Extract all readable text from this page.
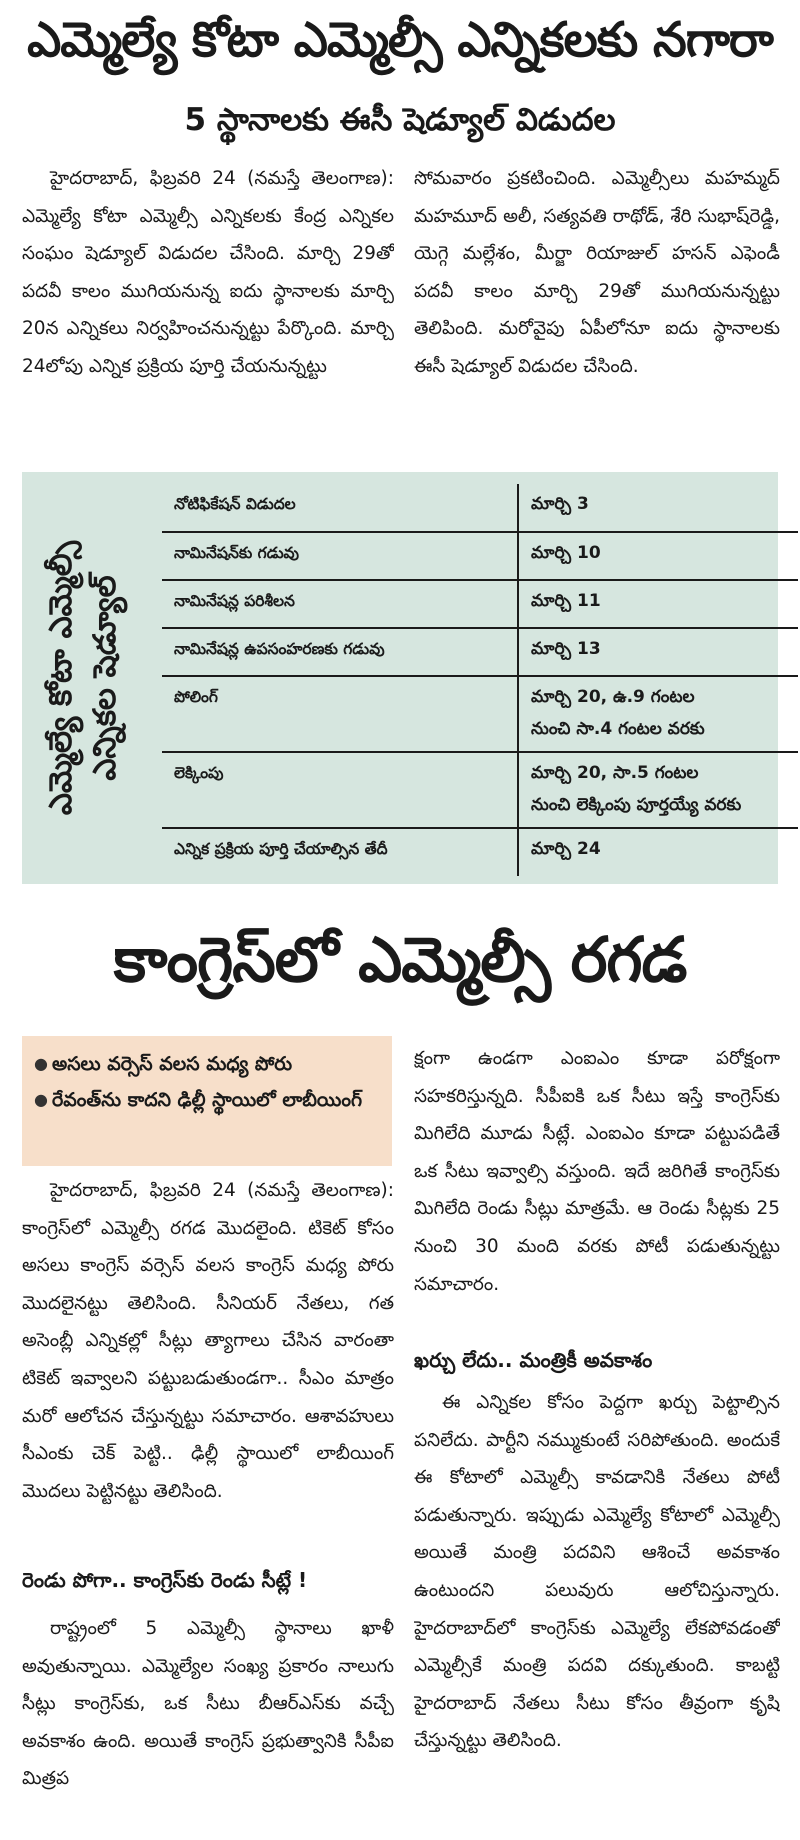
ఎమ్మెల్యే కోటా ఎమ్మెల్సీ ఎన్నికలకు నగారా
5 స్థానాలకు ఈసీ షెడ్యూల్ విడుదల

హైదరాబాద్, ఫిబ్రవరి 24 (నమస్తే తెలంగాణ): ఎమ్మెల్యే కోటా ఎమ్మెల్సీ ఎన్నికలకు కేంద్ర ఎన్నికల సంఘం షెడ్యూల్ విడుదల చేసింది. మార్చి 29తో పదవీ కాలం ముగియనున్న ఐదు స్థానాలకు మార్చి 20న ఎన్నికలు నిర్వహించనున్నట్టు పేర్కొంది. మార్చి 24లోపు ఎన్నిక ప్రక్రియ పూర్తి చేయనున్నట్టు

సోమవారం ప్రకటించింది. ఎమ్మెల్సీలు మహమ్మద్ మహమూద్ అలీ, సత్యవతి రాథోడ్, శేరి సుభాష్‌రెడ్డి, యెగ్గె మల్లేశం, మీర్జా రియాజుల్ హసన్ ఎఫెండీ పదవీ కాలం మార్చి 29తో ముగియనున్నట్టు తెలిపింది. మరోవైపు ఏపీలోనూ ఐదు స్థానాలకు ఈసీ షెడ్యూల్ విడుదల చేసింది.

ఎమ్మెల్యే కోటా ఎమ్మెల్సీ ఎన్నికల షెడ్యూల్
నోటిఫికేషన్ విడుదల	మార్చి 3
నామినేషన్‌కు గడువు	మార్చి 10
నామినేషన్ల పరిశీలన	మార్చి 11
నామినేషన్ల ఉపసంహరణకు గడువు	మార్చి 13
పోలింగ్	మార్చి 20, ఉ.9 గంటల
నుంచి సా.4 గంటల వరకు
లెక్కింపు	మార్చి 20, సా.5 గంటల
నుంచి లెక్కింపు పూర్తయ్యే వరకు
ఎన్నిక ప్రక్రియ పూర్తి చేయాల్సిన తేదీ	మార్చి 24
కాంగ్రెస్‌లో ఎమ్మెల్సీ రగడ
● అసలు వర్సెస్ వలస మధ్య పోరు
● రేవంత్‌ను కాదని ఢిల్లీ స్థాయిలో లాబీయింగ్

హైదరాబాద్, ఫిబ్రవరి 24 (నమస్తే తెలంగాణ): కాంగ్రెస్‌లో ఎమ్మెల్సీ రగడ మొదలైంది. టికెట్ కోసం అసలు కాంగ్రెస్ వర్సెస్ వలస కాంగ్రెస్ మధ్య పోరు మొదలైనట్టు తెలిసింది. సీనియర్ నేతలు, గత అసెంబ్లీ ఎన్నికల్లో సీట్లు త్యాగాలు చేసిన వారంతా టికెట్ ఇవ్వాలని పట్టుబడుతుండగా.. సీఎం మాత్రం మరో ఆలోచన చేస్తున్నట్టు సమాచారం. ఆశావహులు సీఎంకు చెక్ పెట్టి.. ఢిల్లీ స్థాయిలో లాబీయింగ్ మొదలు పెట్టినట్టు తెలిసింది.

రెండు పోగా.. కాంగ్రెస్‌కు రెండు సీట్లే !

రాష్ట్రంలో 5 ఎమ్మెల్సీ స్థానాలు ఖాళీ అవుతున్నాయి. ఎమ్మెల్యేల సంఖ్య ప్రకారం నాలుగు సీట్లు కాంగ్రెస్‌కు, ఒక సీటు బీఆర్ఎస్‌కు వచ్చే అవకాశం ఉంది. అయితే కాంగ్రెస్ ప్రభుత్వానికి సీపీఐ మిత్రప

క్షంగా ఉండగా ఎంఐఎం కూడా పరోక్షంగా సహకరిస్తున్నది. సీపీఐకి ఒక సీటు ఇస్తే కాంగ్రెస్‌కు మిగిలేది మూడు సీట్లే. ఎంఐఎం కూడా పట్టుపడితే ఒక సీటు ఇవ్వాల్సి వస్తుంది. ఇదే జరిగితే కాంగ్రెస్‌కు మిగిలేది రెండు సీట్లు మాత్రమే. ఆ రెండు సీట్లకు 25 నుంచి 30 మంది వరకు పోటీ పడుతున్నట్టు సమాచారం.

ఖర్చు లేదు.. మంత్రికీ అవకాశం

ఈ ఎన్నికల కోసం పెద్దగా ఖర్చు పెట్టాల్సిన పనిలేదు. పార్టీని నమ్ముకుంటే సరిపోతుంది. అందుకే ఈ కోటాలో ఎమ్మెల్సీ కావడానికి నేతలు పోటీ పడుతున్నారు. ఇప్పుడు ఎమ్మెల్యే కోటాలో ఎమ్మెల్సీ అయితే మంత్రి పదవిని ఆశించే అవకాశం ఉంటుందని పలువురు ఆలోచిస్తున్నారు. హైదరాబాద్‌లో కాంగ్రెస్‌కు ఎమ్మెల్యే లేకపోవడంతో ఎమ్మెల్సీకే మంత్రి పదవి దక్కుతుంది. కాబట్టి హైదరాబాద్ నేతలు సీటు కోసం తీవ్రంగా కృషి చేస్తున్నట్టు తెలిసింది.
